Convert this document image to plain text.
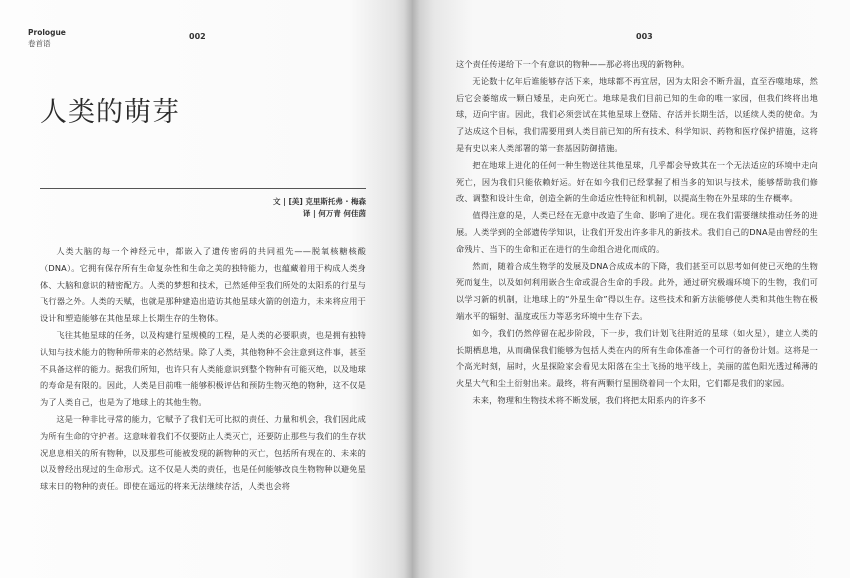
Prologue
卷首语
002
人类的萌芽
文 | [美] 克里斯托弗 · 梅森
译 | 何万青 何佳茵

人类大脑的每一个神经元中，都嵌入了遗传密码的共同祖先——脱氧核糖核酸（DNA）。它拥有保存所有生命复杂性和生命之美的独特能力，也蕴藏着用于构成人类身体、大脑和意识的精密配方。人类的梦想和技术，已然延伸至我们所处的太阳系的行星与飞行器之外。人类的天赋，也就是那种建造出造访其他星球火箭的创造力，未来将应用于设计和塑造能够在其他星球上长期生存的生物体。

飞往其他星球的任务，以及构建行星规模的工程，是人类的必要职责，也是拥有独特认知与技术能力的物种所带来的必然结果。除了人类，其他物种不会注意到这件事，甚至不具备这样的能力。据我们所知，也许只有人类能意识到整个物种有可能灭绝，以及地球的寿命是有限的。因此，人类是目前唯一能够积极评估和预防生物灭绝的物种，这不仅是为了人类自己，也是为了地球上的其他生物。

这是一种非比寻常的能力，它赋予了我们无可比拟的责任、力量和机会，我们因此成为所有生命的守护者。这意味着我们不仅要防止人类灭亡，还要防止那些与我们的生存状况息息相关的所有物种，以及那些可能被发现的新物种的灭亡，包括所有现在的、未来的以及曾经出现过的生命形式。这不仅是人类的责任，也是任何能够改良生物物种以避免星球末日的物种的责任。即使在遥远的将来无法继续存活，人类也会将

003

这个责任传递给下一个有意识的物种——那必将出现的新物种。

无论数十亿年后谁能够存活下来，地球都不再宜居，因为太阳会不断升温，直至吞噬地球，然后它会萎缩成一颗白矮星，走向死亡。地球是我们目前已知的生命的唯一家园，但我们终将出地球，迈向宇宙。因此，我们必须尝试在其他星球上登陆、存活并长期生活，以延续人类的使命。为了达成这个目标，我们需要用到人类目前已知的所有技术、科学知识、药物和医疗保护措施，这将是有史以来人类部署的第一套基因防御措施。

把在地球上进化的任何一种生物送往其他星球，几乎都会导致其在一个无法适应的环境中走向死亡，因为我们只能依赖好运。好在如今我们已经掌握了相当多的知识与技术，能够帮助我们修改、调整和设计生命，创造全新的生命适应性特征和机制，以提高生物在外星球的生存概率。

值得注意的是，人类已经在无意中改造了生命、影响了进化。现在我们需要继续推动任务的进展。人类学到的全部遗传学知识，让我们开发出许多非凡的新技术。我们自己的DNA是由曾经的生命残片、当下的生命和正在进行的生命组合进化而成的。

然而，随着合成生物学的发展及DNA合成成本的下降，我们甚至可以思考如何使已灭绝的生物死而复生，以及如何利用嵌合生命或混合生命的手段。此外，通过研究极端环境下的生物，我们可以学习新的机制，让地球上的“外星生命”得以生存。这些技术和新方法能够使人类和其他生物在极端水平的辐射、温度或压力等恶劣环境中生存下去。

如今，我们仍然停留在起步阶段，下一步，我们计划飞往附近的星球（如火星），建立人类的长期栖息地，从而确保我们能够为包括人类在内的所有生命体准备一个可行的备份计划。这将是一个高光时刻，届时，火星探险家会看见太阳落在尘土飞扬的地平线上，美丽的蓝色阳光透过稀薄的火星大气和尘土衍射出来。最终，将有两颗行星围绕着同一个太阳，它们都是我们的家园。

未来，物理和生物技术将不断发展，我们将把太阳系内的许多不
